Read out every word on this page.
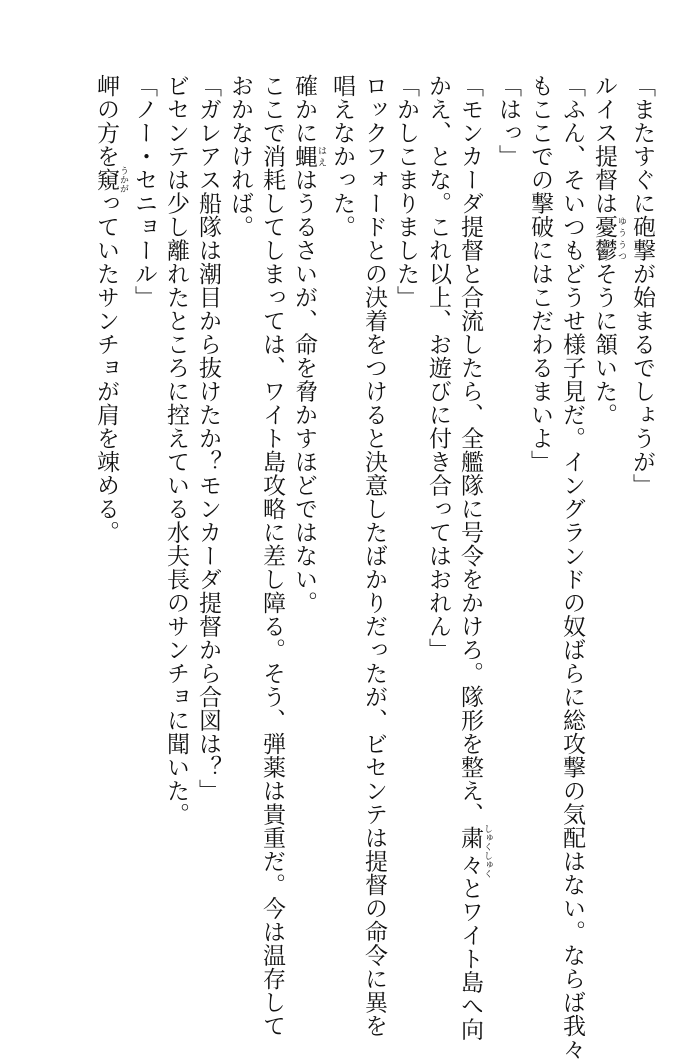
「またすぐに砲撃が始まるでしょうが」

ルイス提督は憂鬱 ゆううつそうに頷いた。

「ふん、そいつもどうせ様子見だ。イングランドの奴ばらに総攻撃の気配はない。ならば我々

もここでの撃破にはこだわるまいよ」

「はっ」

「モンカーダ提督と合流したら、全艦隊に号令をかけろ。隊形を整え、粛々 しゅくしゅくとワイト島へ向

かえ、とな。これ以上、お遊びに付き合ってはおれん」

「かしこまりました」

ロックフォードとの決着をつけると決意したばかりだったが、ビセンテは提督の命令に異を

唱えなかった。

確かに蝿 はえはうるさいが、命を脅かすほどではない。

ここで消耗してしまっては、ワイト島攻略に差し障る。そう、弾薬は貴重だ。今は温存して

おかなければ。

「ガレアス船隊は潮目から抜けたか？モンカーダ提督から合図は？」

ビセンテは少し離れたところに控えている水夫長のサンチョに聞いた。

「ノー・セニョール」

岬の方を窺 うかがっていたサンチョが肩を竦める。
